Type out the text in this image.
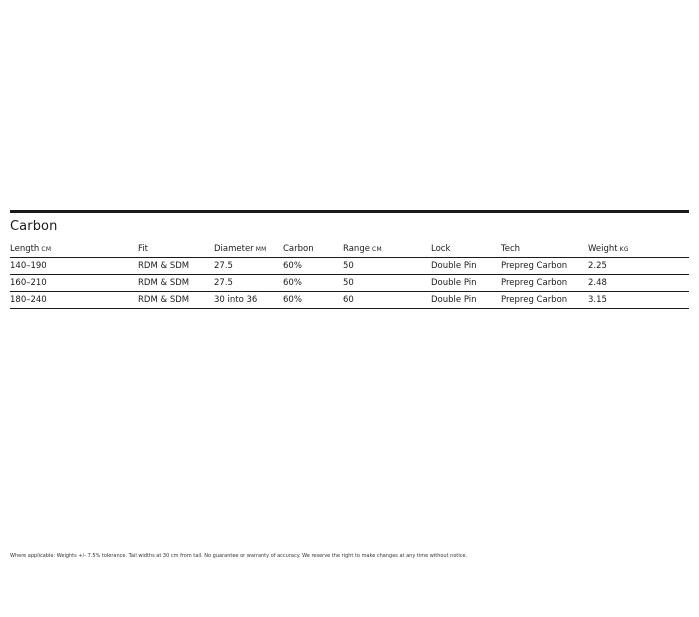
Carbon
Length CM	Fit	Diameter MM	Carbon	Range CM	Lock	Tech	Weight KG
140–190	RDM & SDM	27.5	60%	50	Double Pin	Prepreg Carbon	2.25
160–210	RDM & SDM	27.5	60%	50	Double Pin	Prepreg Carbon	2.48
180–240	RDM & SDM	30 into 36	60%	60	Double Pin	Prepreg Carbon	3.15
Where applicable: Weights +/- 7.5% tolerance. Tail widths at 30 cm from tail. No guarantee or warranty of accuracy. We reserve the right to make changes at any time without notice.
